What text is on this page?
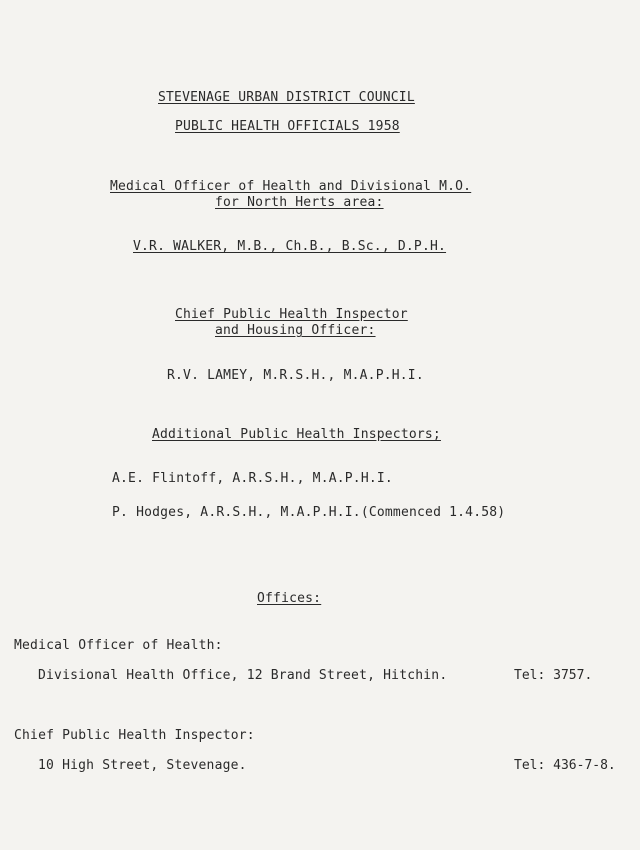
STEVENAGE URBAN DISTRICT COUNCIL
PUBLIC HEALTH OFFICIALS 1958
Medical Officer of Health and Divisional M.O.
for North Herts area:
V.R. WALKER, M.B., Ch.B., B.Sc., D.P.H.
Chief Public Health Inspector
and Housing Officer:
R.V. LAMEY, M.R.S.H., M.A.P.H.I.
Additional Public Health Inspectors;
A.E. Flintoff, A.R.S.H., M.A.P.H.I.
P. Hodges, A.R.S.H., M.A.P.H.I.(Commenced 1.4.58)
Offices:
Medical Officer of Health:
Divisional Health Office, 12 Brand Street, Hitchin.	Tel: 3757.
Chief Public Health Inspector:
10 High Street, Stevenage.	Tel: 436-7-8.
